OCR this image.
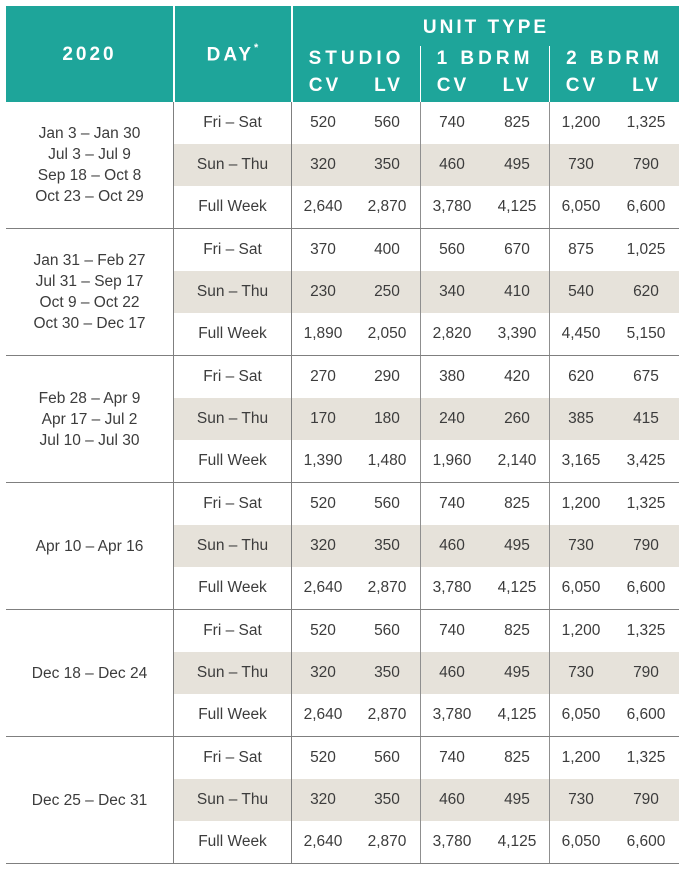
2020	DAY*
UNIT TYPE
STUDIO	1 BDRM	2 BDRM
CV	LV	CV	LV	CV	LV
Jan 3 – Jan 30
Jul 3 – Jul 9
Sep 18 – Oct 8
Oct 23 – Oct 29
Fri – Sat	520	560	740	825	1,200	1,325
Sun – Thu	320	350	460	495	730	790
Full Week	2,640	2,870	3,780	4,125	6,050	6,600
Jan 31 – Feb 27
Jul 31 – Sep 17
Oct 9 – Oct 22
Oct 30 – Dec 17
Fri – Sat	370	400	560	670	875	1,025
Sun – Thu	230	250	340	410	540	620
Full Week	1,890	2,050	2,820	3,390	4,450	5,150
Feb 28 – Apr 9
Apr 17 – Jul 2
Jul 10 – Jul 30
Fri – Sat	270	290	380	420	620	675
Sun – Thu	170	180	240	260	385	415
Full Week	1,390	1,480	1,960	2,140	3,165	3,425
Apr 10 – Apr 16
Fri – Sat	520	560	740	825	1,200	1,325
Sun – Thu	320	350	460	495	730	790
Full Week	2,640	2,870	3,780	4,125	6,050	6,600
Dec 18 – Dec 24
Fri – Sat	520	560	740	825	1,200	1,325
Sun – Thu	320	350	460	495	730	790
Full Week	2,640	2,870	3,780	4,125	6,050	6,600
Dec 25 – Dec 31
Fri – Sat	520	560	740	825	1,200	1,325
Sun – Thu	320	350	460	495	730	790
Full Week	2,640	2,870	3,780	4,125	6,050	6,600
